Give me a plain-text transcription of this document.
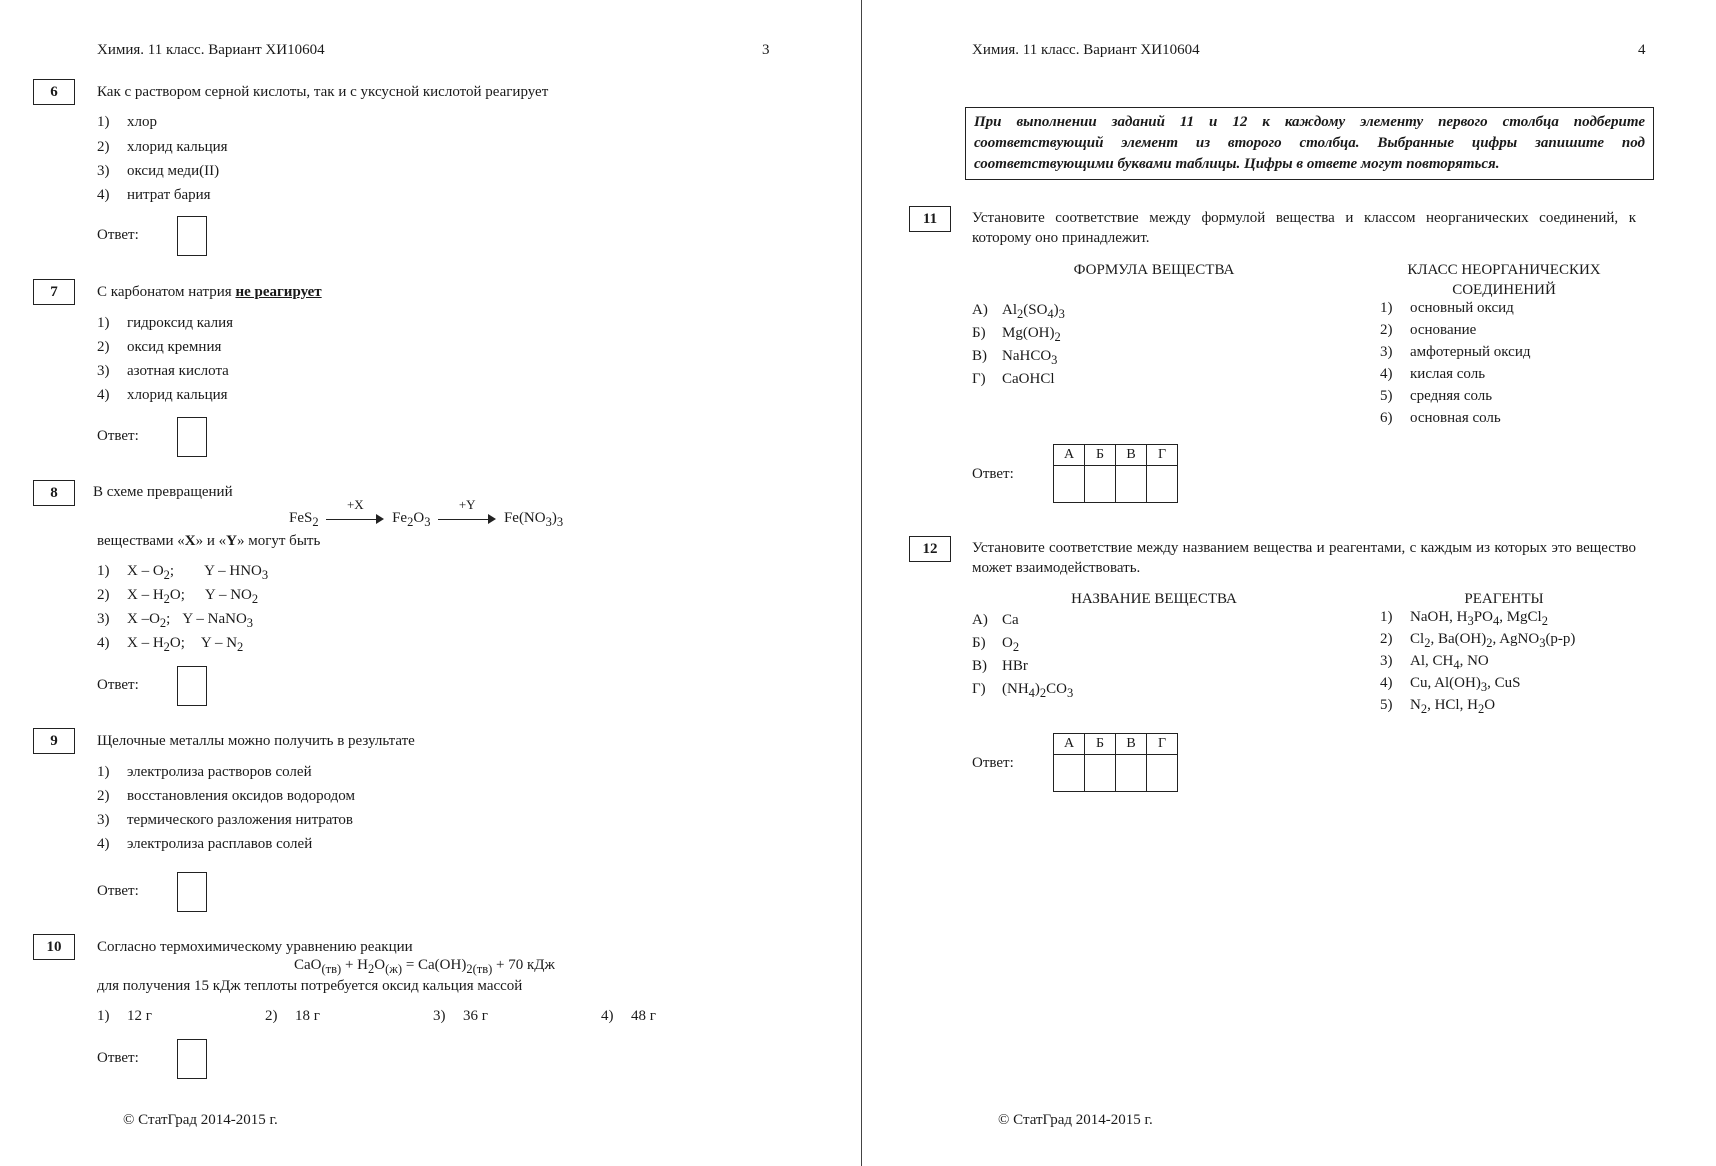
Химия. 11 класс. Вариант ХИ10604	3
6	Как с раствором серной кислоты, так и с уксусной кислотой реагирует
1) хлор
2) хлорид кальция
3) оксид меди(II)
4) нитрат бария
Ответ:
7	С карбонатом натрия не реагирует
1) гидроксид калия
2) оксид кремния
3) азотная кислота
4) хлорид кальция
Ответ:
8	В схеме превращений
FeS$_2$
+X
$Fe_2O_3$
+Y
$Fe(NO_3)_3$
веществами «X» и «Y» могут быть
1) X – $O_2$; Y – $HNO_3$
2) X – $H_2O$; Y – $NO_2$
3) X $-O_2$; Y – NaNO$_3$
4) X – $H_2O$; Y – $N_2$
Ответ:
9	Щелочные металлы можно получить в результате
1) электролиза растворов солей
2) восстановления оксидов водородом
3) термического разложения нитратов
4) электролиза расплавов солей
Ответ:
10	Согласно термохимическому уравнению реакции
$CaO_{(тв)} + H_2O_{(ж)} = Ca(OH)_{2(тв)} + 70$ кДж
для получения 15 кДж теплоты потребуется оксид кальция массой
1) 12 г	2) 18 г	3) 36 г	4) 48 г
Ответ:
© СтатГрад 2014-2015 г.
Химия. 11 класс. Вариант ХИ10604	4
При выполнении заданий 11 и 12 к каждому элементу первого столбца подберите соответствующий элемент из второго столбца. Выбранные цифры запишите под соответствующими буквами таблицы. Цифры в ответе могут повторяться.
11	Установите соответствие между формулой вещества и классом неорганических соединений, к которому оно принадлежит.
ФОРМУЛА ВЕЩЕСТВА	КЛАСС НЕОРГАНИЧЕСКИХ
СОЕДИНЕНИЙ
А) $Al_2(SO_4)_3$
Б) $Mg(OH)_2$
В) NaHCO$_3$
Г) CaOHCl
1) основный оксид
2) основание
3) амфотерный оксид
4) кислая соль
5) средняя соль
6) основная соль
Ответ:
А	Б	В	Г

12	Установите соответствие между названием вещества и реагентами, с каждым из которых это вещество может взаимодействовать.
НАЗВАНИЕ ВЕЩЕСТВА	РЕАГЕНТЫ
А) Ca
Б) $O_2$
В) HBr
Г) $(NH_4)_2CO_3$
1) NaOH, $H_3PO_4$, MgCl$_2$
2) $Cl_2$, $Ba(OH)_2$, AgNO$_3$(р-р)
3) Al, $CH_4$, NO
4) Cu, $Al(OH)_3$, CuS
5) $N_2$, HCl, $H_2O$
Ответ:
А	Б	В	Г

© СтатГрад 2014-2015 г.
